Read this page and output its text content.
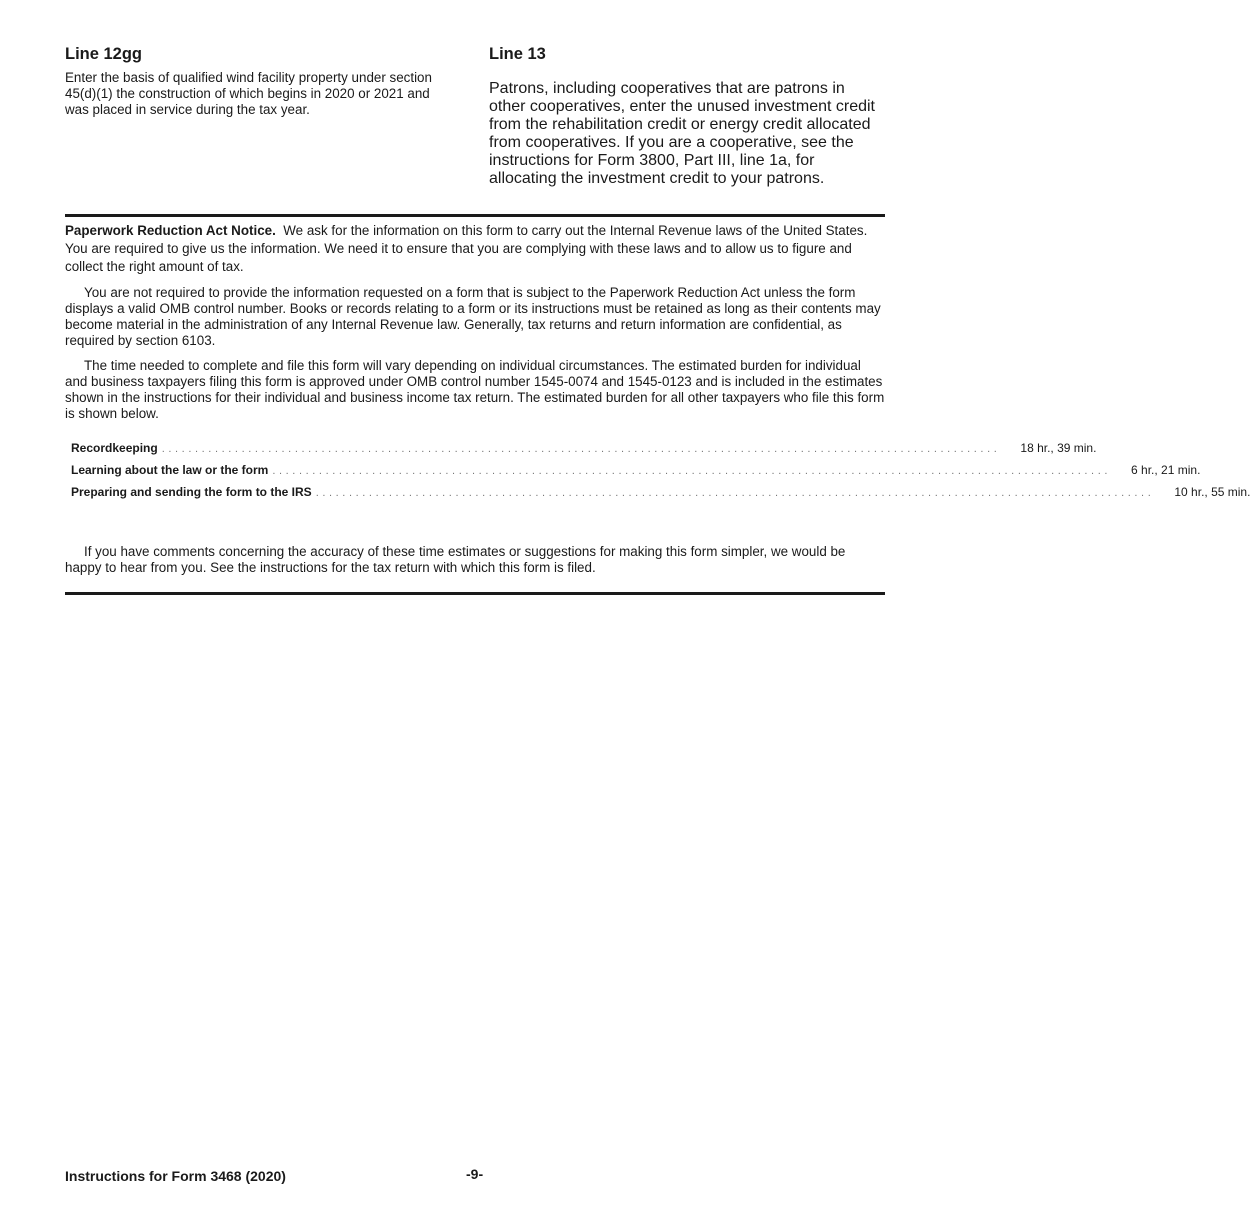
Line 12gg

Enter the basis of qualified wind facility property under section 45(d)(1) the construction of which begins in 2020 or 2021 and was placed in service during the tax year.

Line 13

Patrons, including cooperatives that are patrons in other cooperatives, enter the unused investment credit from the rehabilitation credit or energy credit allocated from cooperatives. If you are a cooperative, see the instructions for Form 3800, Part III, line 1a, for allocating the investment credit to your patrons.

Paperwork Reduction Act Notice. We ask for the information on this form to carry out the Internal Revenue laws of the United States. You are required to give us the information. We need it to ensure that you are complying with these laws and to allow us to figure and collect the right amount of tax.

You are not required to provide the information requested on a form that is subject to the Paperwork Reduction Act unless the form displays a valid OMB control number. Books or records relating to a form or its instructions must be retained as long as their contents may become material in the administration of any Internal Revenue law. Generally, tax returns and return information are confidential, as required by section 6103.

The time needed to complete and file this form will vary depending on individual circumstances. The estimated burden for individual and business taxpayers filing this form is approved under OMB control number 1545-0074 and 1545-0123 and is included in the estimates shown in the instructions for their individual and business income tax return. The estimated burden for all other taxpayers who file this form is shown below.

Recordkeeping .............................................................................................................................. 18 hr., 39 min.
Learning about the law or the form .............................................................................................................................. 6 hr., 21 min.
Preparing and sending the form to the IRS .............................................................................................................................. 10 hr., 55 min.

If you have comments concerning the accuracy of these time estimates or suggestions for making this form simpler, we would be happy to hear from you. See the instructions for the tax return with which this form is filed.

Instructions for Form 3468 (2020)	-9-
